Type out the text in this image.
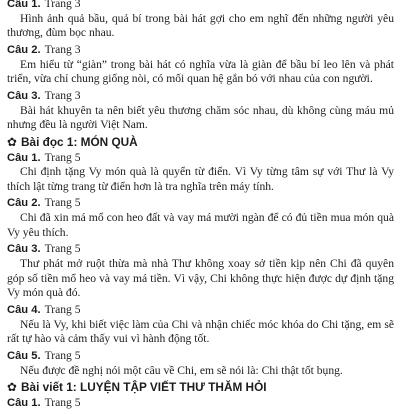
Câu 1. Trang 3

Hình ảnh quả bầu, quả bí trong bài hát gợi cho em nghĩ đến những người yêu thương, đùm bọc nhau.

Câu 2. Trang 3

Em hiểu từ “giàn” trong bài hát có nghĩa vừa là giàn để bầu bí leo lên và phát triển, vừa chỉ chung giống nòi, có mối quan hệ gắn bó với nhau của con người.

Câu 3. Trang 3

Bài hát khuyên ta nên biết yêu thương chăm sóc nhau, dù không cùng máu mủ nhưng đều là người Việt Nam.

✿ Bài đọc 1: MÓN QUÀ
Câu 1. Trang 5

Chi định tặng Vy món quà là quyển từ điển. Vì Vy từng tâm sự với Thư là Vy thích lật từng trang từ điển hơn là tra nghĩa trên máy tính.

Câu 2. Trang 5

Chi đã xin má mổ con heo đất và vay má mười ngàn để có đủ tiền mua món quà Vy yêu thích.

Câu 3. Trang 5

Thư phát mở ruột thừa mà nhà Thư không xoay sở tiền kịp nên Chi đã quyên góp số tiền mổ heo và vay má tiền. Vì vậy, Chi không thực hiện được dự định tặng Vy món quà đó.

Câu 4. Trang 5

Nếu là Vy, khi biết việc làm của Chi và nhận chiếc móc khóa do Chi tặng, em sẽ rất tự hào và cảm thấy vui vì hành động tốt.

Câu 5. Trang 5

Nếu được đề nghị nói một câu về Chi, em sẽ nói là: Chi thật tốt bụng.

✿ Bài viết 1: LUYỆN TẬP VIẾT THƯ THĂM HỎI
Câu 1. Trang 5
